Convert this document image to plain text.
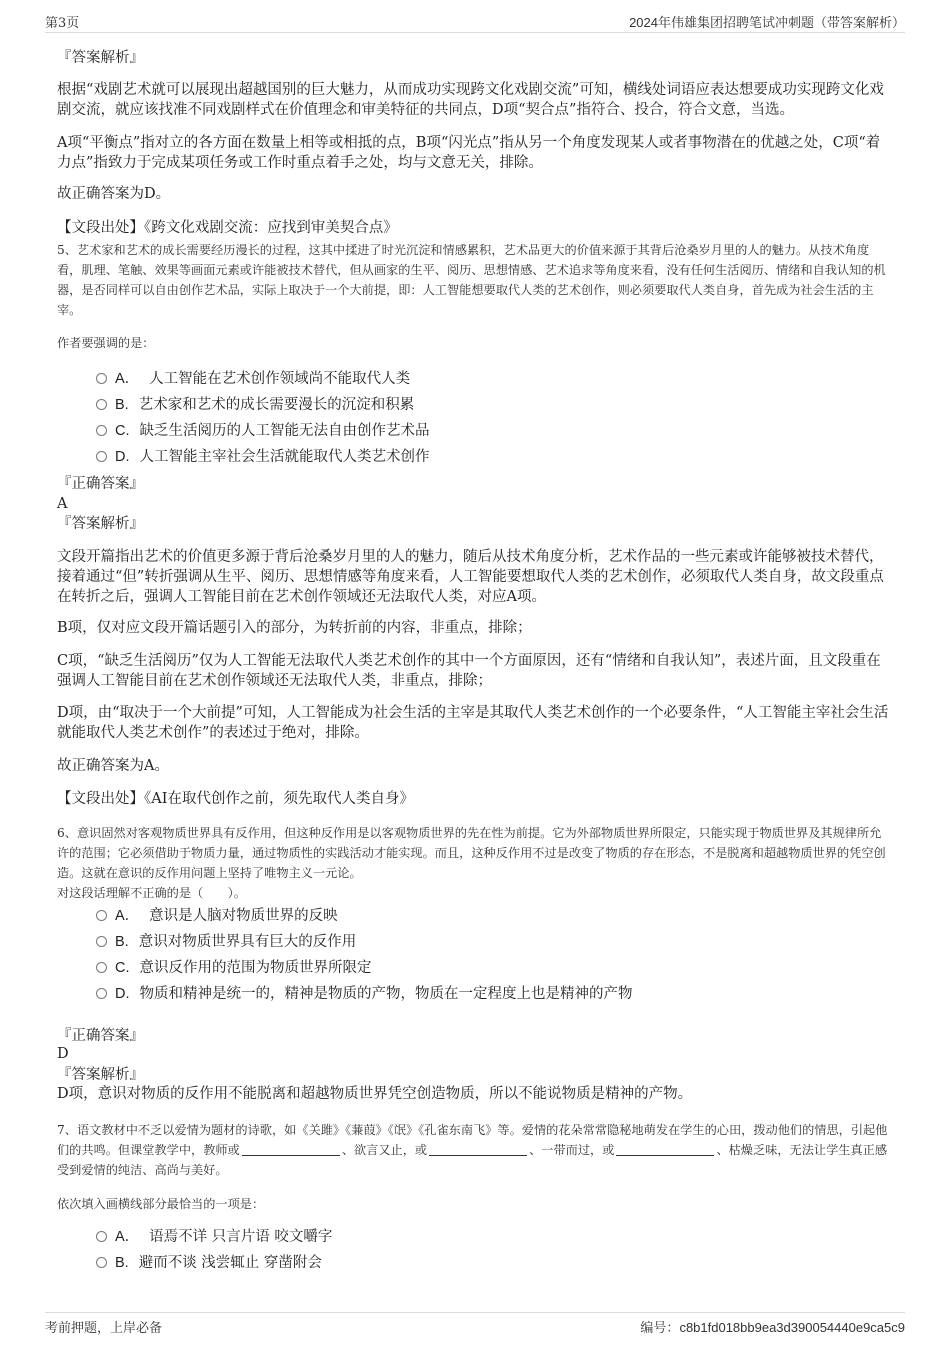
第3页	2024年伟雄集团招聘笔试冲刺题（带答案解析）
『答案解析』
根据“戏剧艺术就可以展现出超越国别的巨大魅力，从而成功实现跨文化戏剧交流”可知，横线处词语应表达想要成功实现跨文化戏剧交流，就应该找准不同戏剧样式在价值理念和审美特征的共同点，D项“契合点”指符合、投合，符合文意，当选。
A项“平衡点”指对立的各方面在数量上相等或相抵的点，B项“闪光点”指从另一个角度发现某人或者事物潜在的优越之处，C项“着力点”指致力于完成某项任务或工作时重点着手之处，均与文意无关，排除。
故正确答案为D。
【文段出处】《跨文化戏剧交流：应找到审美契合点》
5、艺术家和艺术的成长需要经历漫长的过程，这其中揉进了时光沉淀和情感累积，艺术品更大的价值来源于其背后沧桑岁月里的人的魅力。从技术角度看，肌理、笔触、效果等画面元素或许能被技术替代，但从画家的生平、阅历、思想情感、艺术追求等角度来看，没有任何生活阅历、情绪和自我认知的机器，是否同样可以自由创作艺术品，实际上取决于一个大前提，即：人工智能想要取代人类的艺术创作，则必须要取代人类自身，首先成为社会生活的主宰。
作者要强调的是：
A． 人工智能在艺术创作领域尚不能取代人类
B. 艺术家和艺术的成长需要漫长的沉淀和积累
C. 缺乏生活阅历的人工智能无法自由创作艺术品
D. 人工智能主宰社会生活就能取代人类艺术创作
『正确答案』
A
『答案解析』
文段开篇指出艺术的价值更多源于背后沧桑岁月里的人的魅力，随后从技术角度分析，艺术作品的一些元素或许能够被技术替代，接着通过“但”转折强调从生平、阅历、思想情感等角度来看，人工智能要想取代人类的艺术创作，必须取代人类自身，故文段重点在转折之后，强调人工智能目前在艺术创作领域还无法取代人类，对应A项。
B项，仅对应文段开篇话题引入的部分，为转折前的内容，非重点，排除；
C项，“缺乏生活阅历”仅为人工智能无法取代人类艺术创作的其中一个方面原因，还有“情绪和自我认知”，表述片面，且文段重在强调人工智能目前在艺术创作领域还无法取代人类，非重点，排除；
D项，由“取决于一个大前提”可知，人工智能成为社会生活的主宰是其取代人类艺术创作的一个必要条件，“人工智能主宰社会生活就能取代人类艺术创作”的表述过于绝对，排除。
故正确答案为A。
【文段出处】《AI在取代创作之前，须先取代人类自身》
6、意识固然对客观物质世界具有反作用，但这种反作用是以客观物质世界的先在性为前提。它为外部物质世界所限定，只能实现于物质世界及其规律所允许的范围；它必须借助于物质力量，通过物质性的实践活动才能实现。而且，这种反作用不过是改变了物质的存在形态，不是脱离和超越物质世界的凭空创造。这就在意识的反作用问题上坚持了唯物主义一元论。
对这段话理解不正确的是（　　）。
A． 意识是人脑对物质世界的反映
B. 意识对物质世界具有巨大的反作用
C. 意识反作用的范围为物质世界所限定
D. 物质和精神是统一的，精神是物质的产物，物质在一定程度上也是精神的产物
『正确答案』
D
『答案解析』
D项，意识对物质的反作用不能脱离和超越物质世界凭空创造物质，所以不能说物质是精神的产物。
7、语文教材中不乏以爱情为题材的诗歌，如《关雎》《蒹葭》《氓》《孔雀东南飞》等。爱情的花朵常常隐秘地萌发在学生的心田，拨动他们的情思，引起他们的共鸣。但课堂教学中，教师或	、欲言又止，或	、一带而过，或	、枯燥乏味，无法让学生真正感受到爱情的纯洁、高尚与美好。
依次填入画横线部分最恰当的一项是：
A． 语焉不详 只言片语 咬文嚼字
B. 避而不谈 浅尝辄止 穿凿附会
考前押题，上岸必备	编号：c8b1fd018bb9ea3d390054440e9ca5c9
